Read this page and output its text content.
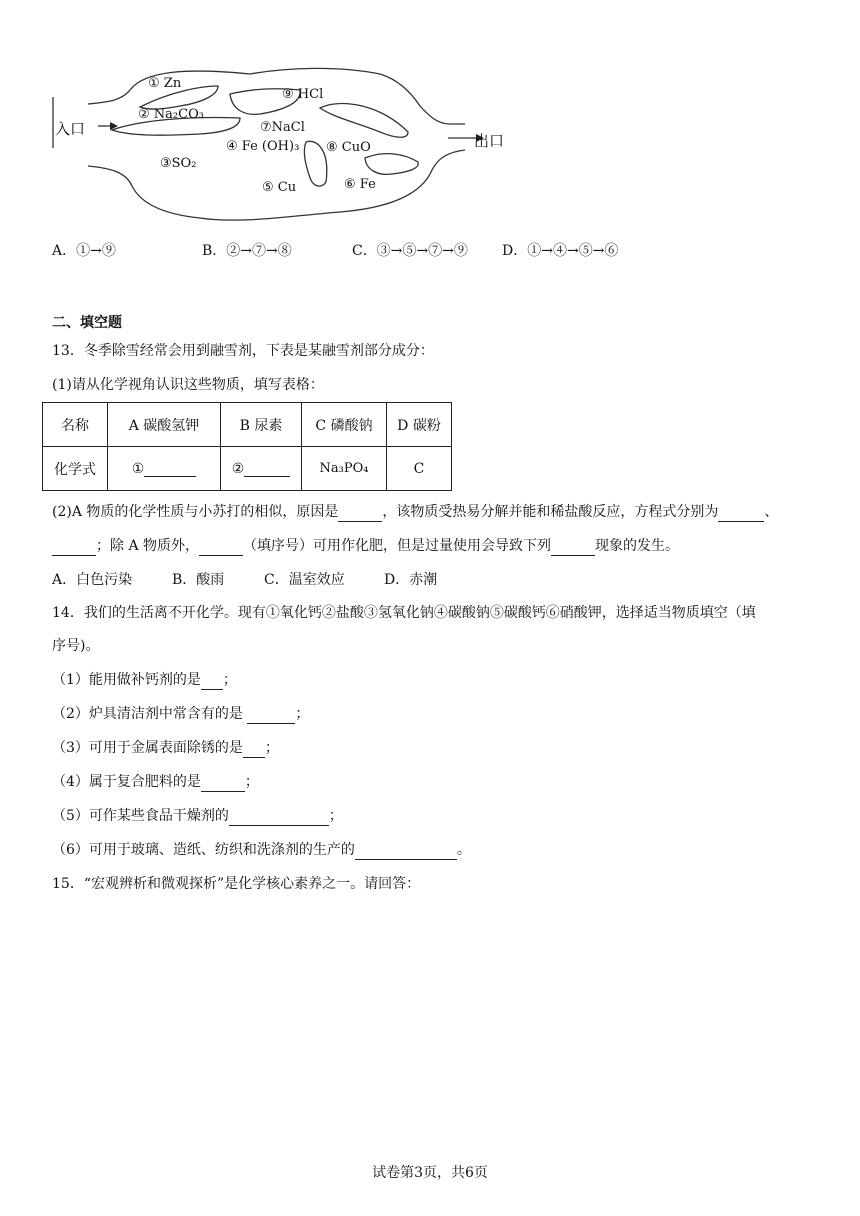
入口
出口
① Zn
② Na₂CO₃
③SO₂
④ Fe (OH)₃
⑤ Cu	⑥ Fe
⑦NaCl
⑧ CuO
⑨ HCl
A．①→⑨	B．②→⑦→⑧	C．③→⑤→⑦→⑨ D．①→④→⑤→⑥
二、填空题
13．冬季除雪经常会用到融雪剂，下表是某融雪剂部分成分：
(1)请从化学视角认识这些物质，填写表格：
名称	A 碳酸氢钾	B 尿素	C 磷酸钠	D 碳粉
化学式	①	②	Na₃PO₄	C
(2)A 物质的化学性质与小苏打的相似，原因是	，该物质受热易分解并能和稀盐酸反应，方程式分别为	、
；除 A 物质外，	（填序号）可用作化肥，但是过量使用会导致下列	现象的发生。
A．白色污染	B．酸雨	C．温室效应	D．赤潮
14．我们的生活离不开化学。现有①氧化钙②盐酸③氢氧化钠④碳酸钠⑤碳酸钙⑥硝酸钾，选择适当物质填空（填
序号)。
（1）能用做补钙剂的是 ；
（2）炉具清洁剂中常含有的是	；
（3）可用于金属表面除锈的是 ；
（4）属于复合肥料的是	；
（5）可作某些食品干燥剂的	；
（6）可用于玻璃、造纸、纺织和洗涤剂的生产的	。
15．“宏观辨析和微观探析”是化学核心素养之一。请回答：
试卷第3页，共6页
